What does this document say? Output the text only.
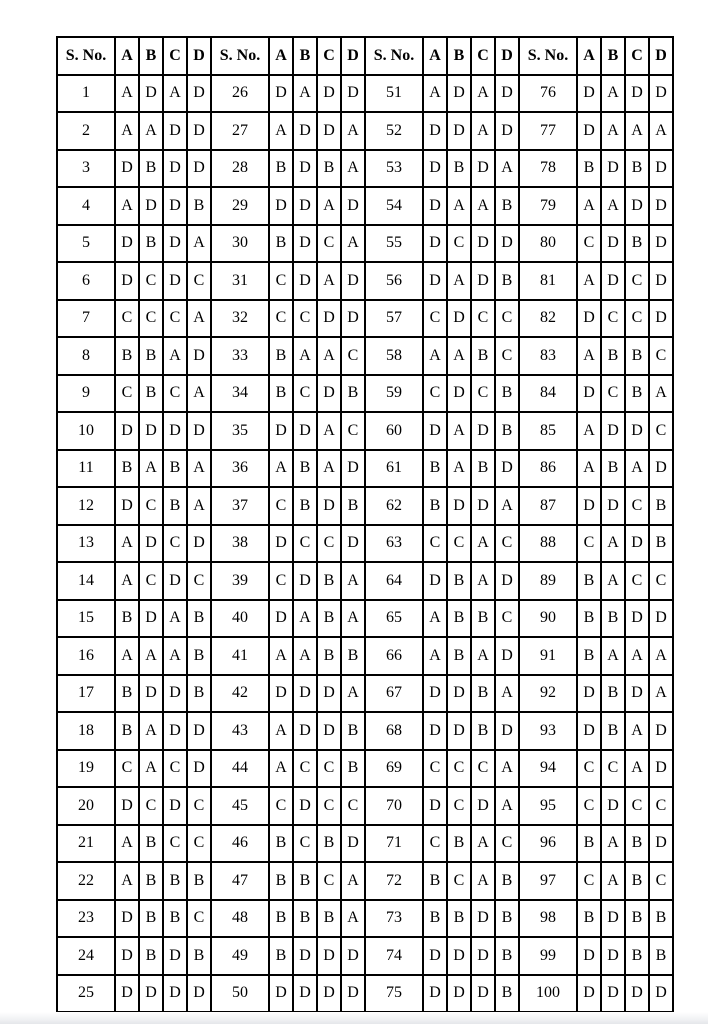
S. No.	A	B	C	D	S. No.	A	B	C	D	S. No.	A	B	C	D	S. No.	A	B	C	D
1	A	D	A	D	26	D	A	D	D	51	A	D	A	D	76	D	A	D	D
2	A	A	D	D	27	A	D	D	A	52	D	D	A	D	77	D	A	A	A
3	D	B	D	D	28	B	D	B	A	53	D	B	D	A	78	B	D	B	D
4	A	D	D	B	29	D	D	A	D	54	D	A	A	B	79	A	A	D	D
5	D	B	D	A	30	B	D	C	A	55	D	C	D	D	80	C	D	B	D
6	D	C	D	C	31	C	D	A	D	56	D	A	D	B	81	A	D	C	D
7	C	C	C	A	32	C	C	D	D	57	C	D	C	C	82	D	C	C	D
8	B	B	A	D	33	B	A	A	C	58	A	A	B	C	83	A	B	B	C
9	C	B	C	A	34	B	C	D	B	59	C	D	C	B	84	D	C	B	A
10	D	D	D	D	35	D	D	A	C	60	D	A	D	B	85	A	D	D	C
11	B	A	B	A	36	A	B	A	D	61	B	A	B	D	86	A	B	A	D
12	D	C	B	A	37	C	B	D	B	62	B	D	D	A	87	D	D	C	B
13	A	D	C	D	38	D	C	C	D	63	C	C	A	C	88	C	A	D	B
14	A	C	D	C	39	C	D	B	A	64	D	B	A	D	89	B	A	C	C
15	B	D	A	B	40	D	A	B	A	65	A	B	B	C	90	B	B	D	D
16	A	A	A	B	41	A	A	B	B	66	A	B	A	D	91	B	A	A	A
17	B	D	D	B	42	D	D	D	A	67	D	D	B	A	92	D	B	D	A
18	B	A	D	D	43	A	D	D	B	68	D	D	B	D	93	D	B	A	D
19	C	A	C	D	44	A	C	C	B	69	C	C	C	A	94	C	C	A	D
20	D	C	D	C	45	C	D	C	C	70	D	C	D	A	95	C	D	C	C
21	A	B	C	C	46	B	C	B	D	71	C	B	A	C	96	B	A	B	D
22	A	B	B	B	47	B	B	C	A	72	B	C	A	B	97	C	A	B	C
23	D	B	B	C	48	B	B	B	A	73	B	B	D	B	98	B	D	B	B
24	D	B	D	B	49	B	D	D	D	74	D	D	D	B	99	D	D	B	B
25	D	D	D	D	50	D	D	D	D	75	D	D	D	B	100	D	D	D	D
